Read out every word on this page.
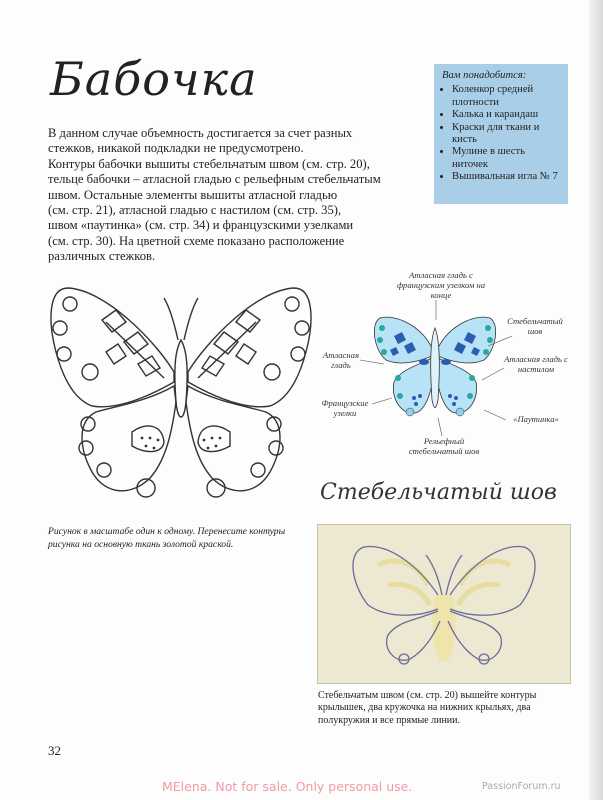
Бабочка

В данном случае объемность достигается за счет разных

стежков, никакой подкладки не предусмотрено.

Контуры бабочки вышиты стебельчатым швом (см. стр. 20),

тельце бабочки – атласной гладью с рельефным стебельчатым

швом. Остальные элементы вышиты атласной гладью

(см. стр. 21), атласной гладью с настилом (см. стр. 35),

швом «паутинка» (см. стр. 34) и французскими узелками

(см. стр. 30). На цветной схеме показано расположение

различных стежков.

Вам понадобится:
• Коленкор средней плотности
• Калька и карандаш
• Краски для ткани и кисть
• Мулине в шесть ниточек
• Вышивальная игла № 7
Атласная гладь с французским узелком на конце
Стебельчатый шов
Атласная гладь
Атласная гладь с настилом
Французские узелки
«Паутинка»
Рельефный стебельчатый шов
Рисунок в масштабе один к одному. Перенесите контуры рисунка на основную ткань золотой краской.
Стебельчатый шов
Стебельчатым швом (см. стр. 20) вышейте контуры крылышек, два кружочка на нижних крыльях, два полукружия и все прямые линии.
32
MElena. Not for sale. Only personal use.	PassionForum.ru
